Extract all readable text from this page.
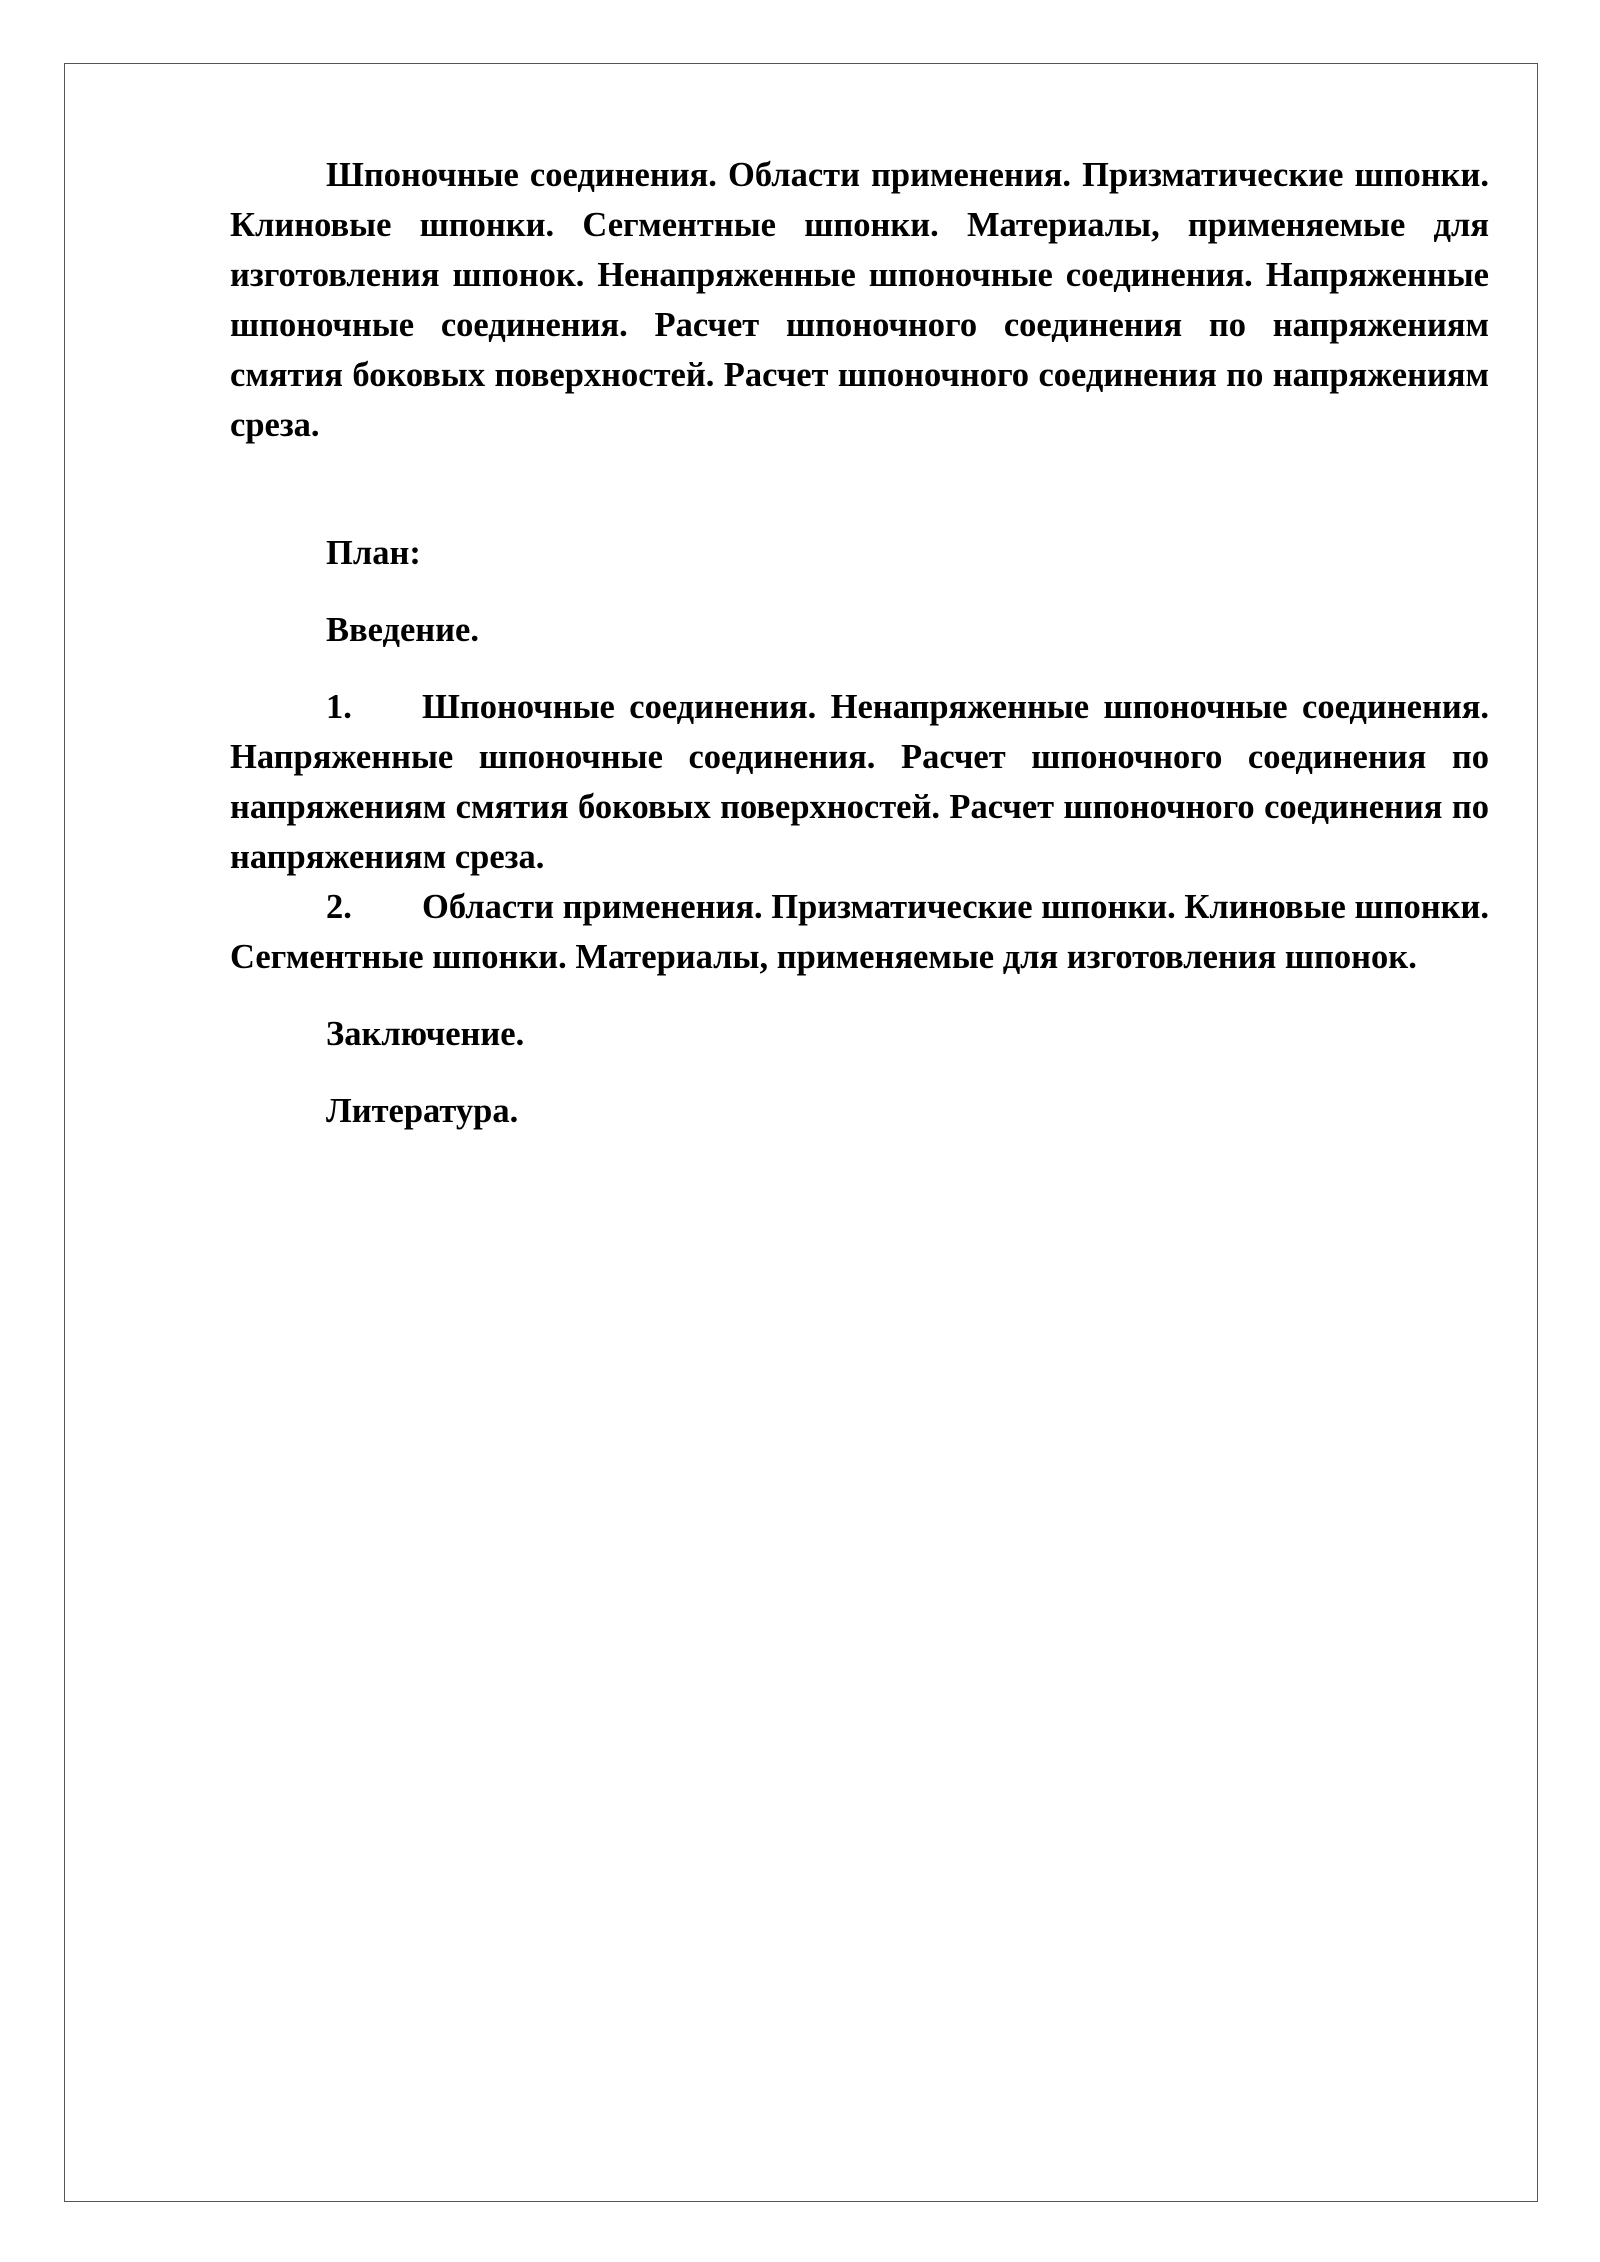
Шпоночные соединения. Области применения. Призматические шпонки. Клиновые шпонки. Сегментные шпонки. Материалы, применяемые для изготовления шпонок. Ненапряженные шпоночные соединения. Напряженные шпоночные соединения. Расчет шпоночного соединения по напряжениям смятия боковых поверхностей. Расчет шпоночного соединения по напряжениям среза.

План:

Введение.

1. Шпоночные соединения. Ненапряженные шпоночные соединения. Напряженные шпоночные соединения. Расчет шпоночного соединения по напряжениям смятия боковых поверхностей. Расчет шпоночного соединения по напряжениям среза.

2. Области применения. Призматические шпонки. Клиновые шпонки. Сегментные шпонки. Материалы, применяемые для изготовления шпонок.

Заключение.

Литература.
